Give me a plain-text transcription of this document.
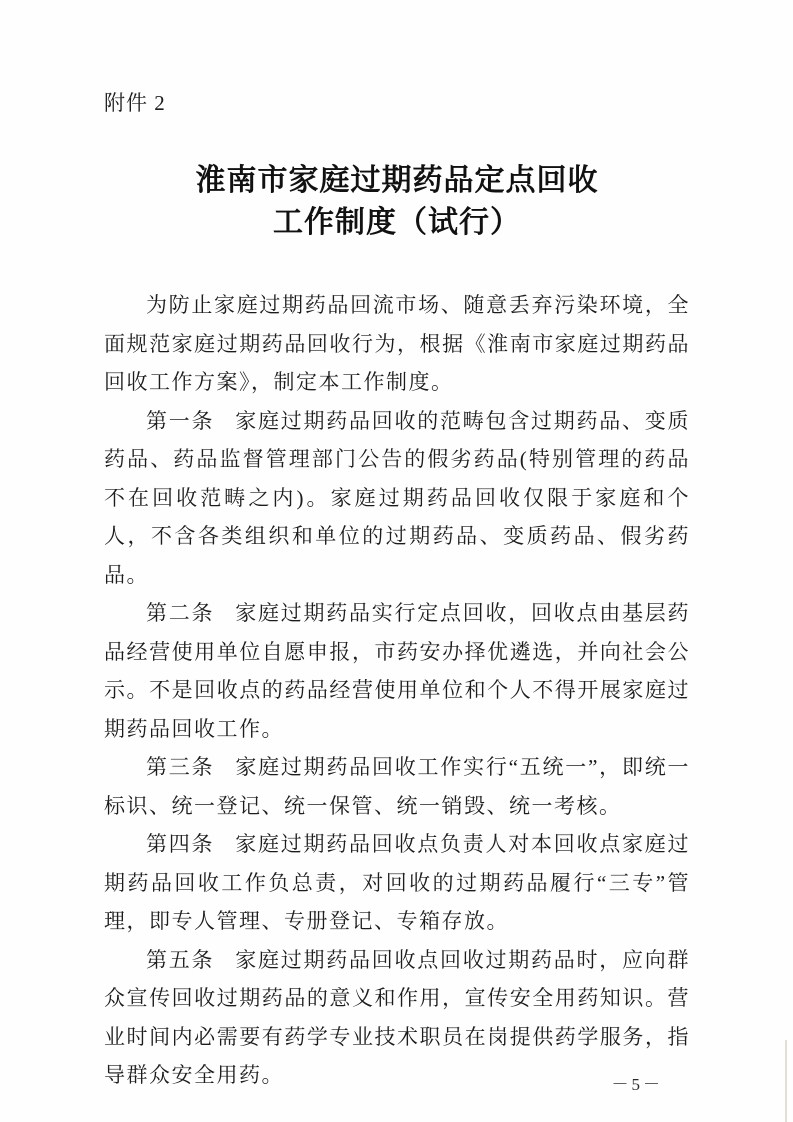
附件 2
淮南市家庭过期药品定点回收
工作制度（试行）

为防止家庭过期药品回流市场、随意丢弃污染环境，全面规范家庭过期药品回收行为，根据《淮南市家庭过期药品回收工作方案》，制定本工作制度。

第一条 家庭过期药品回收的范畴包含过期药品、变质药品、药品监督管理部门公告的假劣药品(特别管理的药品不在回收范畴之内)。家庭过期药品回收仅限于家庭和个人，不含各类组织和单位的过期药品、变质药品、假劣药品。

第二条 家庭过期药品实行定点回收，回收点由基层药品经营使用单位自愿申报，市药安办择优遴选，并向社会公示。不是回收点的药品经营使用单位和个人不得开展家庭过期药品回收工作。

第三条 家庭过期药品回收工作实行“五统一”，即统一标识、统一登记、统一保管、统一销毁、统一考核。

第四条 家庭过期药品回收点负责人对本回收点家庭过期药品回收工作负总责，对回收的过期药品履行“三专”管理，即专人管理、专册登记、专箱存放。

第五条 家庭过期药品回收点回收过期药品时，应向群众宣传回收过期药品的意义和作用，宣传安全用药知识。营业时间内必需要有药学专业技术职员在岗提供药学服务，指导群众安全用药。	－5－
